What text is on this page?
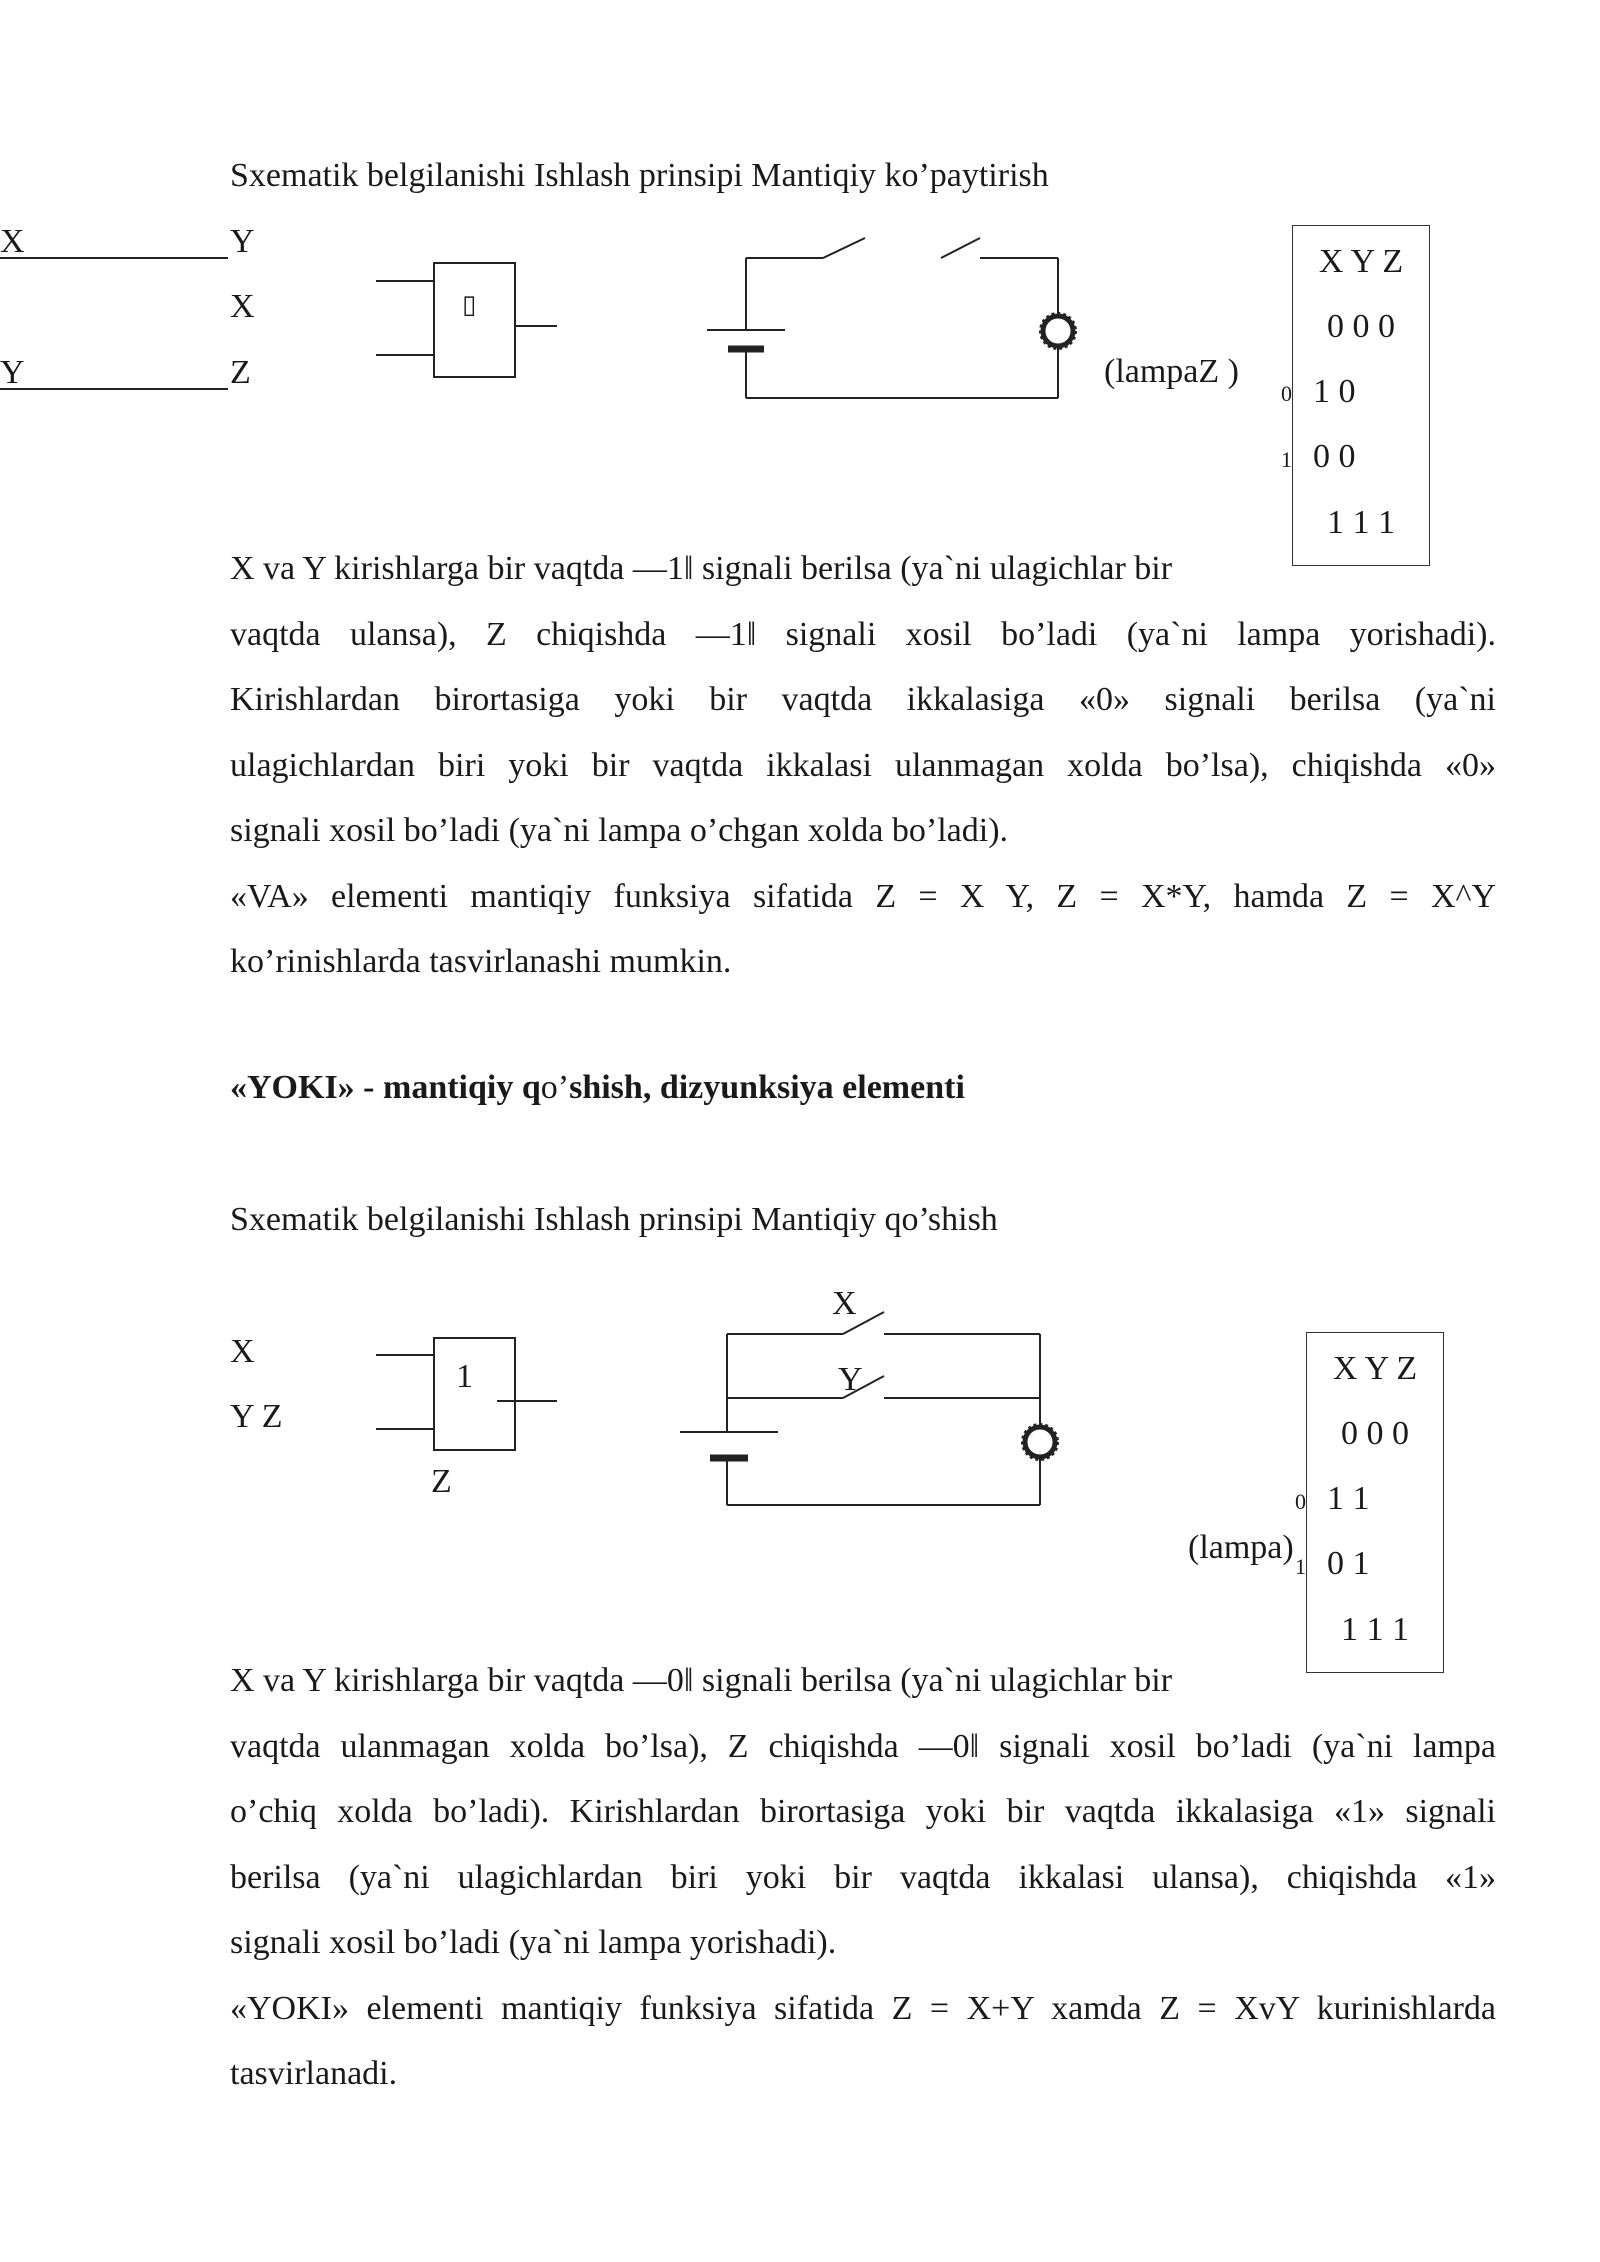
Sxematik belgilanishi Ishlash prinsipi Mantiqiy ko’paytirish
X	Y
X
Y	Z
▯
(lampaZ )
X Y Z
0 0 0
1 0
0 0
1 1 1
0
1
X va Y kirishlarga bir vaqtda ―1‖ signali berilsa (ya`ni ulagichlar bir
vaqtda ulansa), Z chiqishda ―1‖ signali xosil bo’ladi (ya`ni lampa yorishadi).
Kirishlardan birortasiga yoki bir vaqtda ikkalasiga «0» signali berilsa (ya`ni
ulagichlardan biri yoki bir vaqtda ikkalasi ulanmagan xolda bo’lsa), chiqishda «0»
signali xosil bo’ladi (ya`ni lampa o’chgan xolda bo’ladi).
«VA» elementi mantiqiy funksiya sifatida Z = X Y, Z = X*Y, hamda Z = X^Y
ko’rinishlarda tasvirlanashi mumkin.
«YOKI» - mantiqiy qo’shish, dizyunksiya elementi
Sxematik belgilanishi Ishlash prinsipi Mantiqiy qo’shish
X
Y Z
Z
1
X
Y
(lampa)
X Y Z
0 0 0
1 1
0 1
1 1 1
0
1
X va Y kirishlarga bir vaqtda ―0‖ signali berilsa (ya`ni ulagichlar bir
vaqtda ulanmagan xolda bo’lsa), Z chiqishda ―0‖ signali xosil bo’ladi (ya`ni lampa
o’chiq xolda bo’ladi). Kirishlardan birortasiga yoki bir vaqtda ikkalasiga «1» signali
berilsa (ya`ni ulagichlardan biri yoki bir vaqtda ikkalasi ulansa), chiqishda «1»
signali xosil bo’ladi (ya`ni lampa yorishadi).
«YOKI» elementi mantiqiy funksiya sifatida Z = X+Y xamda Z = XvY kurinishlarda
tasvirlanadi.
